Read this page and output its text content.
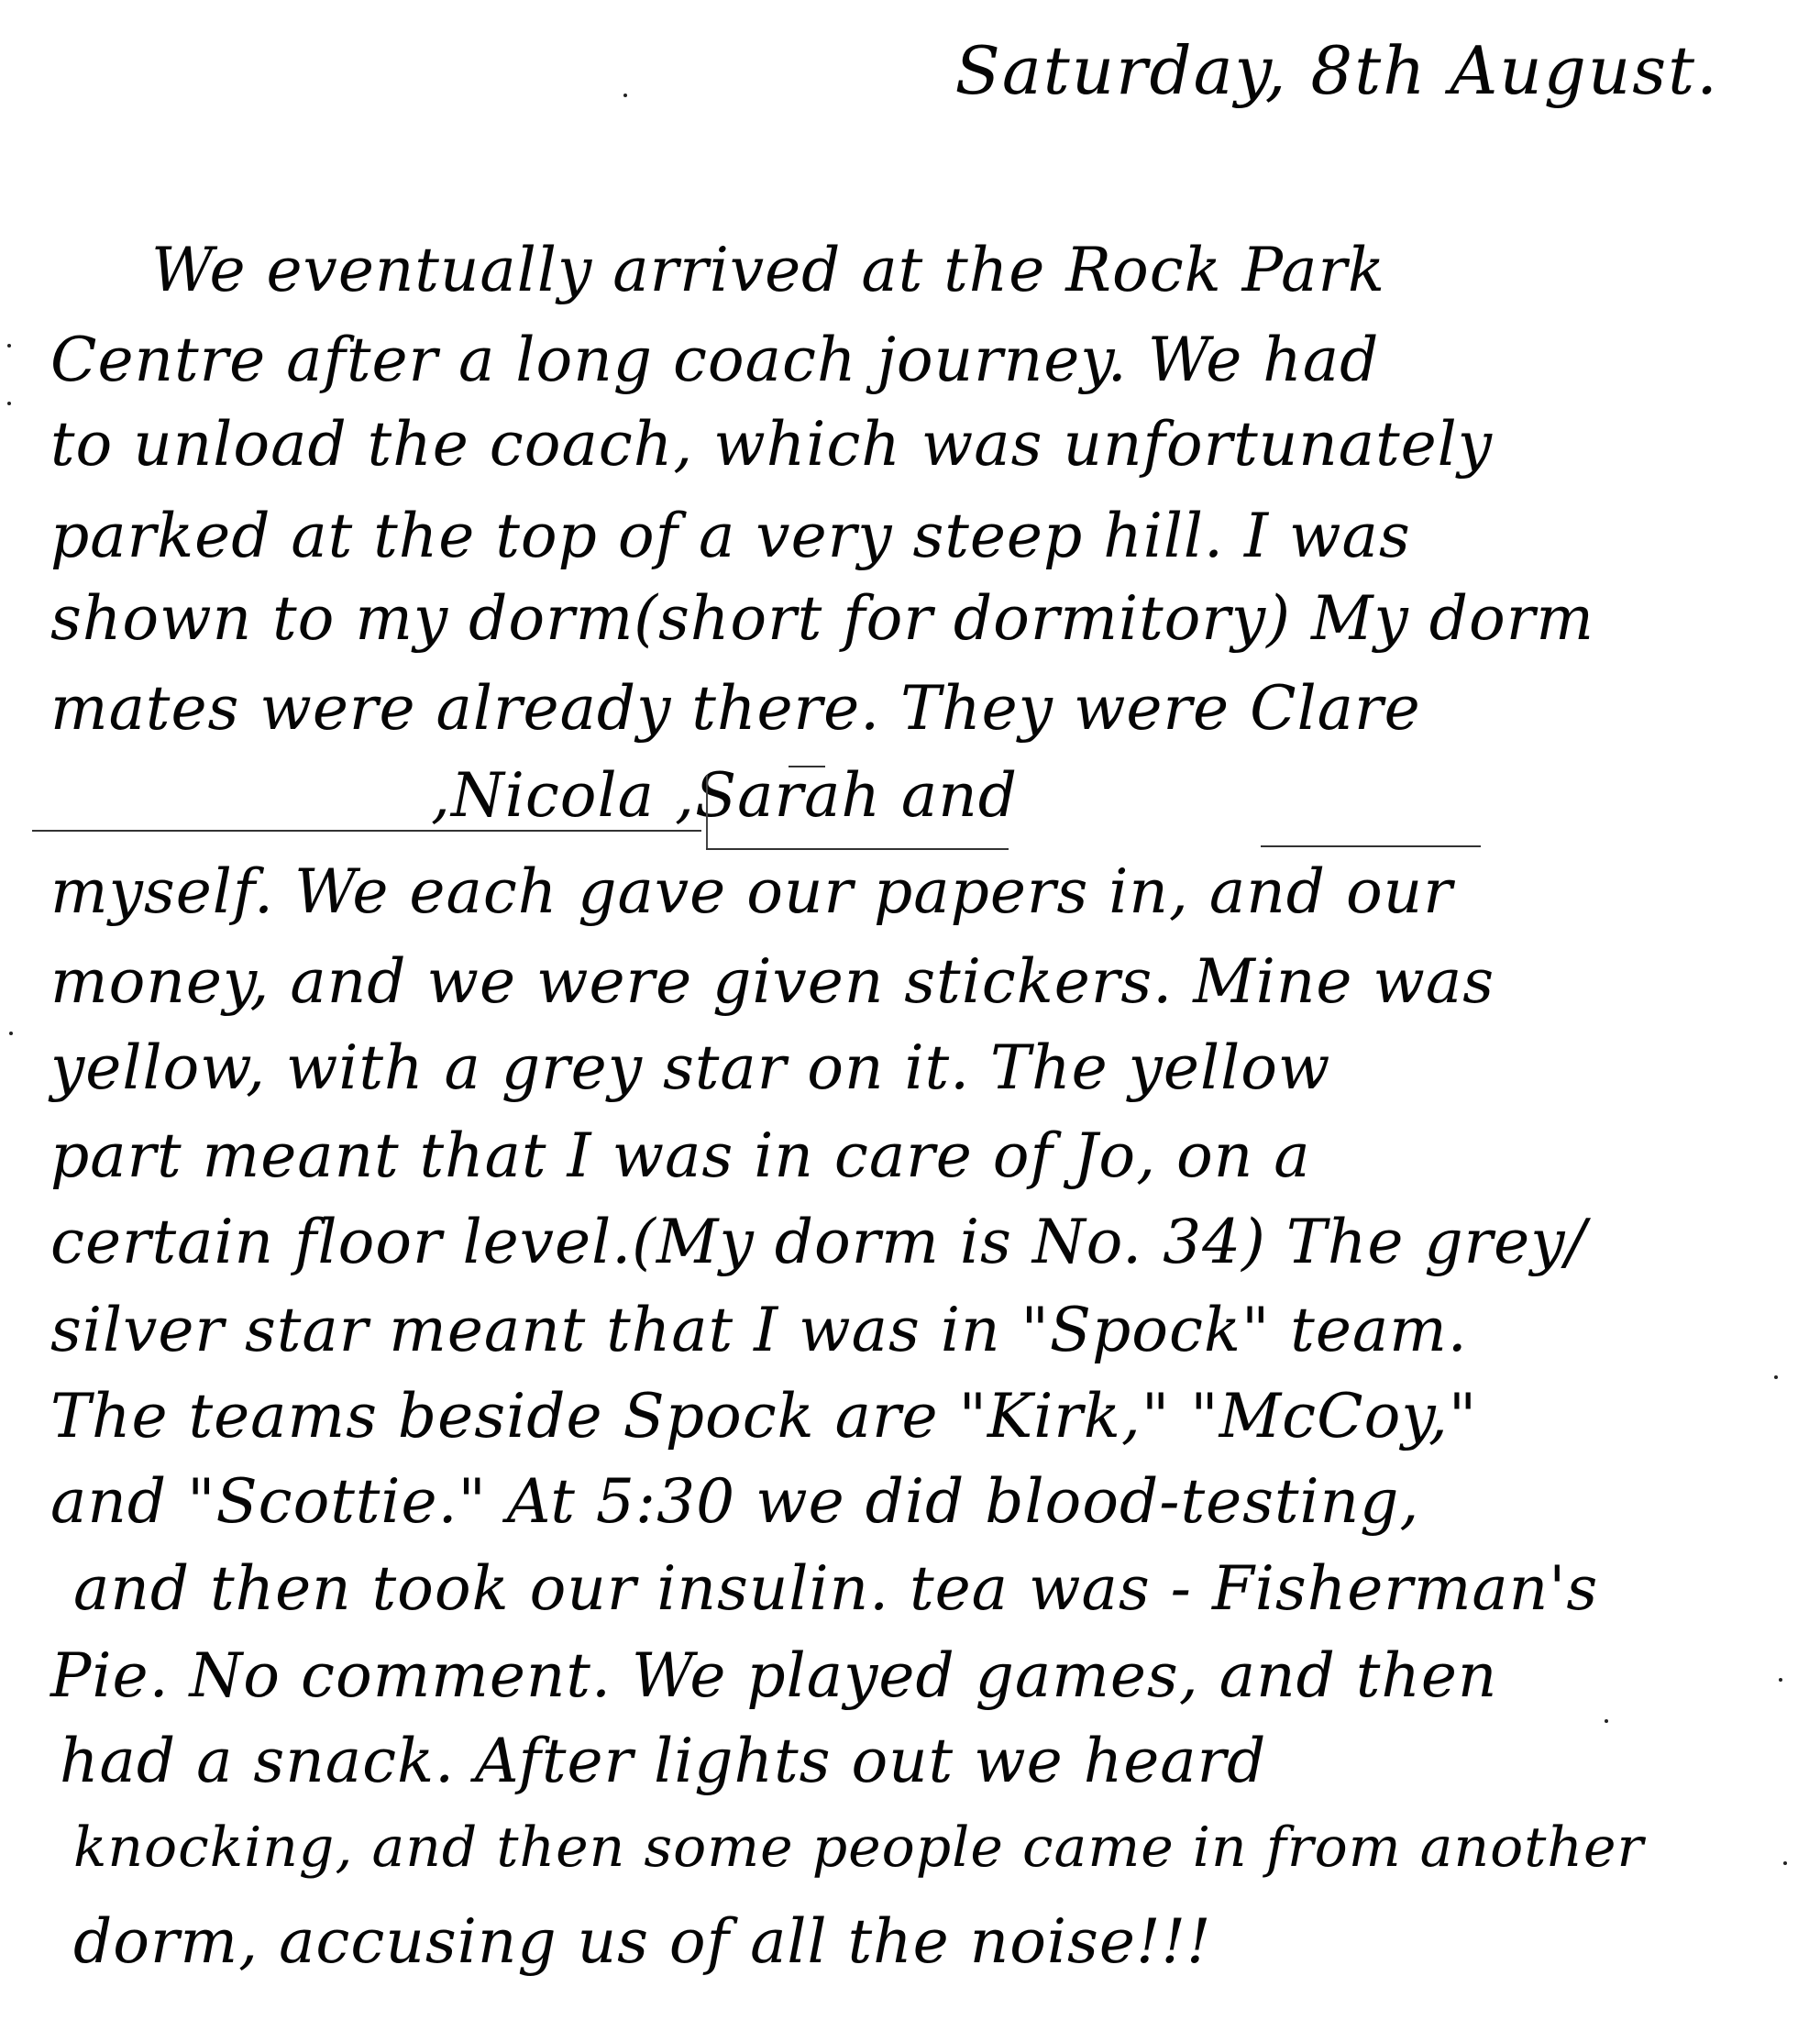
Saturday, 8th August.
We eventually arrived at the Rock Park
Centre after a long coach journey. We had
to unload the coach, which was unfortunately
parked at the top of a very steep hill. I was
shown to my dorm(short for dormitory) My dorm
mates were already there. They were Clare
,Nicola ,Sarah and
myself. We each gave our papers in, and our
money, and we were given stickers. Mine was
yellow, with a grey star on it. The yellow
part meant that I was in care of Jo, on a
certain floor level.(My dorm is No. 34) The grey/
silver star meant that I was in "Spock" team.
The teams beside Spock are "Kirk," "McCoy,"
and "Scottie." At 5:30 we did blood-testing,
and then took our insulin. tea was - Fisherman's
Pie. No comment. We played games, and then
had a snack. After lights out we heard
knocking, and then some people came in from another
dorm, accusing us of all the noise!!!
